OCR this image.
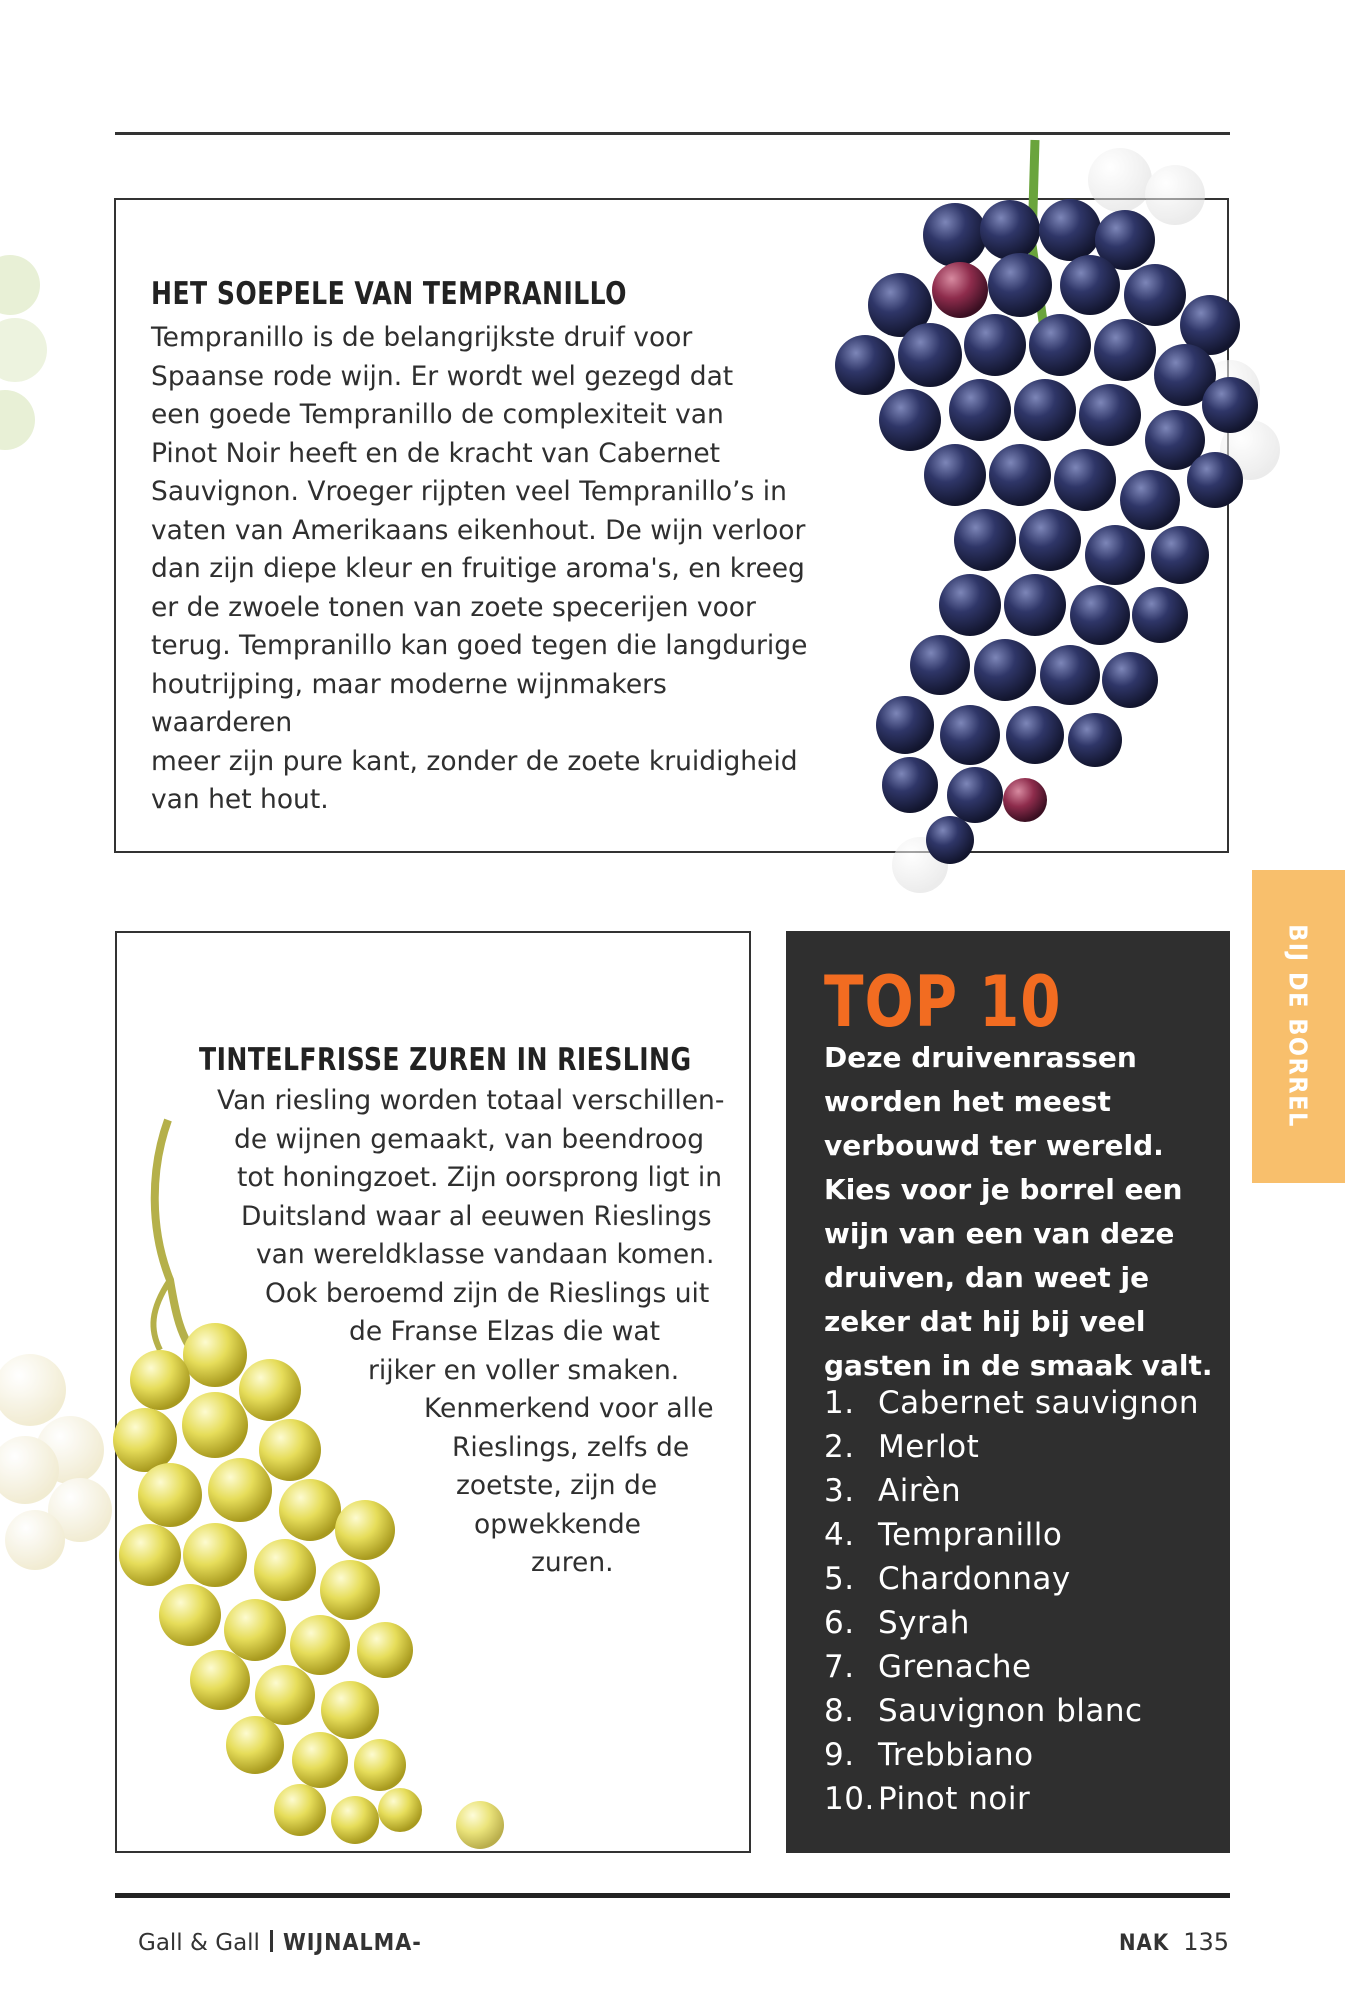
HET SOEPELE VAN TEMPRANILLO
Tempranillo is de belangrijkste druif voor
Spaanse rode wijn. Er wordt wel gezegd dat
een goede Tempranillo de complexiteit van
Pinot Noir heeft en de kracht van Cabernet
Sauvignon. Vroeger rijpten veel Tempranillo’s in
vaten van Amerikaans eikenhout. De wijn verloor
dan zijn diepe kleur en fruitige aroma's, en kreeg
er de zwoele tonen van zoete specerijen voor
terug. Tempranillo kan goed tegen die langdurige
houtrijping, maar moderne wijnmakers waarderen
meer zijn pure kant, zonder de zoete kruidigheid
van het hout.
TINTELFRISSE ZUREN IN RIESLING
Van riesling worden totaal verschillen-
de wijnen gemaakt, van beendroog
tot honingzoet. Zijn oorsprong ligt in
Duitsland waar al eeuwen Rieslings
van wereldklasse vandaan komen.
Ook beroemd zijn de Rieslings uit
de Franse Elzas die wat
rijker en voller smaken.
Kenmerkend voor alle
Rieslings, zelfs de
zoetste, zijn de
opwekkende
zuren.
TOP 10
Deze druivenrassen worden het meest verbouwd ter wereld. Kies voor je borrel een wijn van een van deze druiven, dan weet je zeker dat hij bij veel gasten in de smaak valt.
1. Cabernet sauvignon
2. Merlot
3. Airèn
4. Tempranillo
5. Chardonnay
6. Syrah
7. Grenache
8. Sauvignon blanc
9. Trebbiano
10. Pinot noir
BIJ DE BORREL
Gall & Gall WIJNALMA-	NAK 135
